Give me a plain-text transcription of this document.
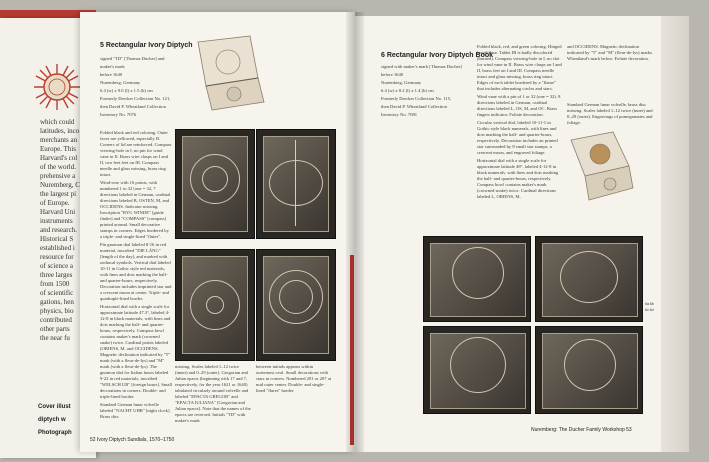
which could

latitudes, inco

merchants an

Europe. This

Harvard's col

of the world.

prehensive a

Nuremberg, C

the largest pi

of Europe.

Harvard Uni

instruments

and research.

Historical S

established i

resource for

of science a

three larges

from 1500

of scientific

gations, hen

physics, bio

contributed

other parts

the near fu

Cover illust

diptych w

Photograph

5 Rectangular Ivory Diptych

signed "TD" [Thomas Ducher] and

maker's mark

before 1640

Nuremberg, Germany

6.4 (w) x 9.0 (l) x 1.5 (h) cm

Formerly Drecker Collection No. 121,

then David P. Wheatland Collection

Inventory No. 7076

Folded black and red coloring. Outer faces are yellowed, especially B. Corners of lid are reinforced. Compass viewing-hole in I, no pin for wind vane in II. Brass wire clasps on I and II, two feet feet on III. Compass needle and glass missing, brass ring intact.

Wind-rose with 16 points, with numbered 1 to 32 [one = 32, 7 directions labeled in German, cardinal directions labeled B, OSTEN, M, and OCCIDENS. Indicator missing. Inscription "BYG WINDE" [guide finder] and "COMPASS" [compass] printed around. Small decorative stamps in corners. Edges bordered by a triple- and single-lined "flutes".

Pin gnomon dial labeled 8-16 in red material, inscribed "DIE LÄNG" [length of the day], and marked with zodiacal symbols. Vertical dial labeled 10-11 in Gothic style red materials, with lines and dots marking the half- and quarter-hours, respectively. Decoration includes imprinted star and a crescent moon at center. Triple- and quadruple-lined border.

Horizontal dial with a single scale for approximate latitude 47.3°, labeled 4-12-8 in black materials, with lines and dots marking the half- and quarter-hours, respectively. Compass bowl contains maker's mark (crowned snake) twice. Cardinal points labeled (ORIENS, M, and OCCIDENS. Magnetic declination indicated by "T" mark (with a fleur-de-lys) and "M" mark (with a fleur-de-lys). The gnomon dial for Italian hours labeled 9-22 in red materials, inscribed "WELSCH UR" [foreign hours]. Small decorations in corners. Double- and triple-lined border.

Standard German lunar volvelle labeled "NACHT UHR" [night clock]. Brass disc

missing. Scales labeled 1–12 twice (inner) and 0–29 (outer). Gregorian and Julian epacts (beginning with 17 and 7, respectively, for the year 1621 or 1640) tabulated circularly around volvelle and labeled "EPACTA GREGOR" and "EPACTA IULIANA" [Gregorian and Julian epacts]. Note that the names of the epacts are reversed. Initials "TD" with maker's mark
between initials appears within outermost oval. Small decorations with stars in corners. Numbered 201 or 207 at mid outer center. Double- and single-lined "flutes" border.
52 Ivory Diptych Sundials, 1570–1750
6 Rectangular Ivory Diptych Book

signed with maker's mark [Thomas Ducher]

before 1640

Nuremberg, Germany

6.4 (w) x 8.2 (l) x 1.4 (h) cm

Formerly Drecker Collection No. 115,

then David P. Wheatland Collection

Inventory No. 7081

Folded black, red, and green coloring. Hinged lengthwise. Tablet IB is badly discolored (burned). Compass viewing-hole in I, no slot for wind vane in II. Brass wire clasps on I and II, brass feet on I and III. Compass needle intact and glass missing, brass ring intact. Edges of each tablet bordered by a "flame" that includes alternating circles and stars.

Wind vane with a pin of 1 or 32 (one = 32). 8 directions labeled in German, cardinal directions labeled L, OS, M, and OC. Brass fingers indicator. Foliate decoration.

Circular vertical dial, labeled 10-11-1 in Gothic style black numerals, with lines and dots marking the half- and quarter-hours, respectively. Decoration includes an printed star surrounded by 8 small star stamps, a crescent moon, and engraved foliage.

Horizontal dial with a single scale for approximate latitude 48°, labeled 4-12-8 in black numerals, with lines and dots marking the half- and quarter-hours, respectively. Compass bowl contains maker's mark (crowned snake) twice. Cardinal directions labeled L, ORIENS, M,

and OCCIDENS. Magnetic declination indicated by "T" and "M" (fleur-de-lys) marks. Wheatland's mark below. Foliate decoration.

Standard German lunar volvelle, brass disc missing. Scales labeled 1–12 twice (inner) and 0–29 (outer). Engravings of pomegranates and foliage.

6a 6b
6c 6d
Nuremberg: The Ducher Family Workshop 53
